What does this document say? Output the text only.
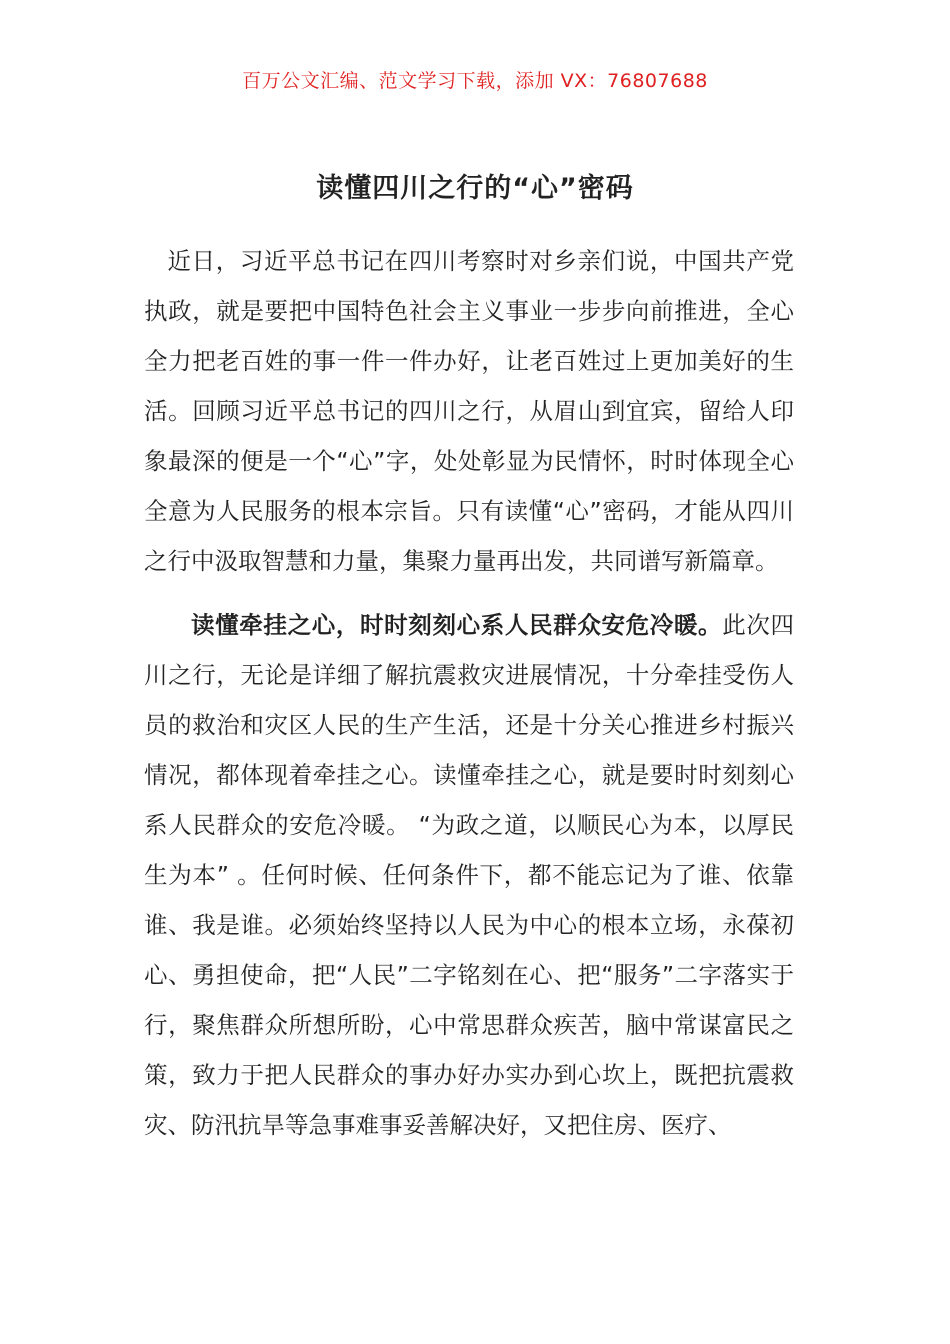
百万公文汇编、范文学习下载，添加 VX：76807688
读懂四川之行的“心”密码

近日，习近平总书记在四川考察时对乡亲们说，中国共产党执政，就是要把中国特色社会主义事业一步步向前推进，全心全力把老百姓的事一件一件办好，让老百姓过上更加美好的生活。回顾习近平总书记的四川之行，从眉山到宜宾，留给人印象最深的便是一个“心”字，处处彰显为民情怀，时时体现全心全意为人民服务的根本宗旨。只有读懂“心”密码，才能从四川之行中汲取智慧和力量，集聚力量再出发，共同谱写新篇章。

读懂牵挂之心，时时刻刻心系人民群众安危冷暖。此次四川之行，无论是详细了解抗震救灾进展情况，十分牵挂受伤人员的救治和灾区人民的生产生活，还是十分关心推进乡村振兴情况，都体现着牵挂之心。读懂牵挂之心，就是要时时刻刻心系人民群众的安危冷暖。 “为政之道，以顺民心为本，以厚民生为本” 。任何时候、任何条件下，都不能忘记为了谁、依靠谁、我是谁。必须始终坚持以人民为中心的根本立场，永葆初心、勇担使命，把“人民”二字铭刻在心、把“服务”二字落实于行，聚焦群众所想所盼，心中常思群众疾苦，脑中常谋富民之策，致力于把人民群众的事办好办实办到心坎上，既把抗震救灾、防汛抗旱等急事难事妥善解决好，又把住房、医疗、
